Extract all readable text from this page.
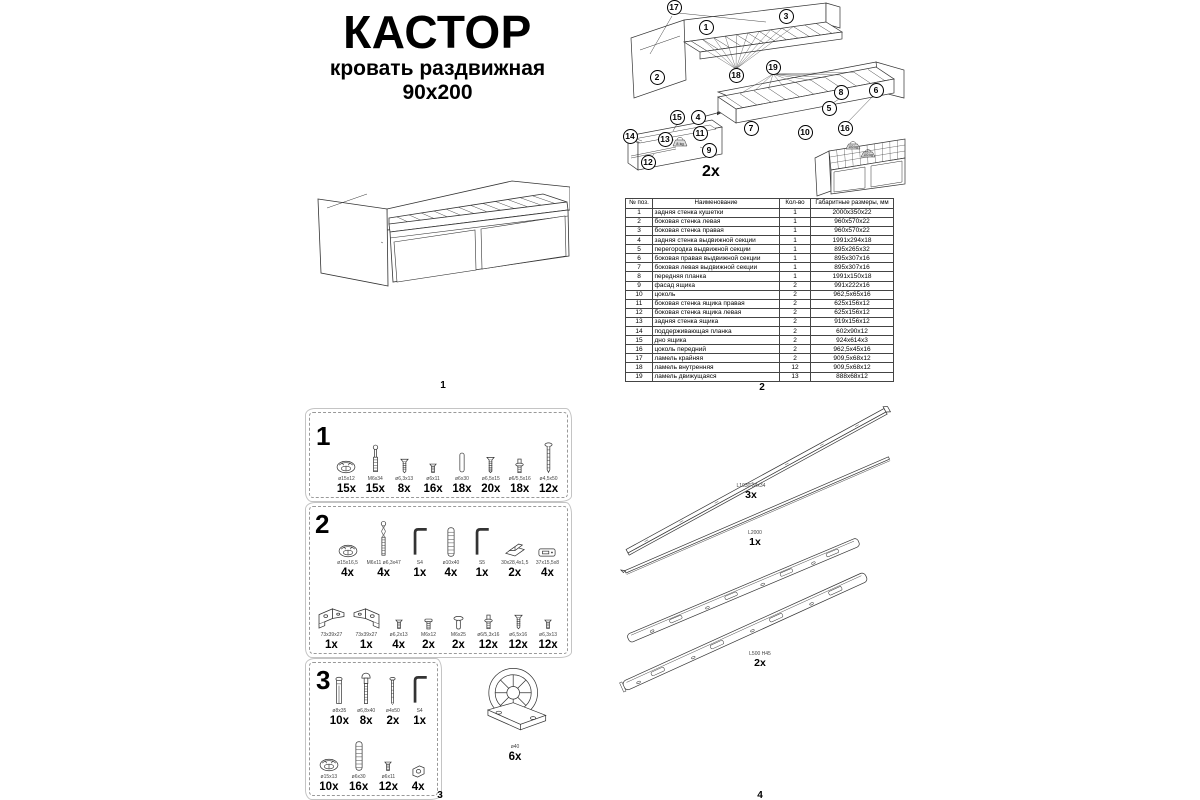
КАСТОР
кровать раздвижная
90x200
1
8 kg
100 kg
100 kg
17
1
3
2	18
19
8	6
5
16
15	4
7	10
11
14	13
9
12
2x
№ поз.	Наименование	Кол-во	Габаритные размеры, мм
1	задняя стенка кушетки	1	2000х350х22
2	боковая стенка левая	1	960х570х22
3	боковая стенка правая	1	960х570х22
4	задняя стенка выдвижной секции	1	1991х294х18
5	перегородка выдвижной секции	1	895х265х32
6	боковая правая выдвижной секции	1	895х307х16
7	боковая левая выдвижной секции	1	895х307х16
8	передняя планка	1	1991х150х18
9	фасад ящика	2	991х222х16
10	цоколь	2	962,5х65х16
11	боковая стенка ящика правая	2	625х156х12
12	боковая стенка ящика левая	2	625х156х12
13	задняя стенка ящика	2	919х156х12
14	поддерживающая планка	2	602х90х12
15	дно ящика	2	924х614х3
16	цоколь передний	2	962,5х45х16
17	ламель крайняя	2	909,5х68х12
18	ламель внутренняя	12	909,5х68х12
19	ламель движущаяся	13	888х68х12
2
1
ø15x12
15x
M6x34
15x
ø6,3x13
8x
ø6x11
16x
ø6x30
18x
ø6,5x15
20x
ø6/5,5x16
18x
ø4,5x50
12x
2
ø15x16,5
4x
M6x11 ø6,3x47
4x
S4
1x
ø10x40
4x
S5
1x
30x28,4x1,5
2x
37x15,5x8
4x
73x39x27
1x
73x39x27
1x
ø6,2x13
4x
M6x12
2x
M6x25
2x
ø6/5,3x16
12x
ø6,5x16
12x
ø6,3x13
12x
3
ø8x35
10x
ø6,8x40
8x
ø4x50
2x
S4
1x
ø15x13
10x
ø6x30
16x
ø6x11
12x 4x
ø40
6x
3
L1930 34x34
3x
L2000
1x
L500 H45
2x
4
